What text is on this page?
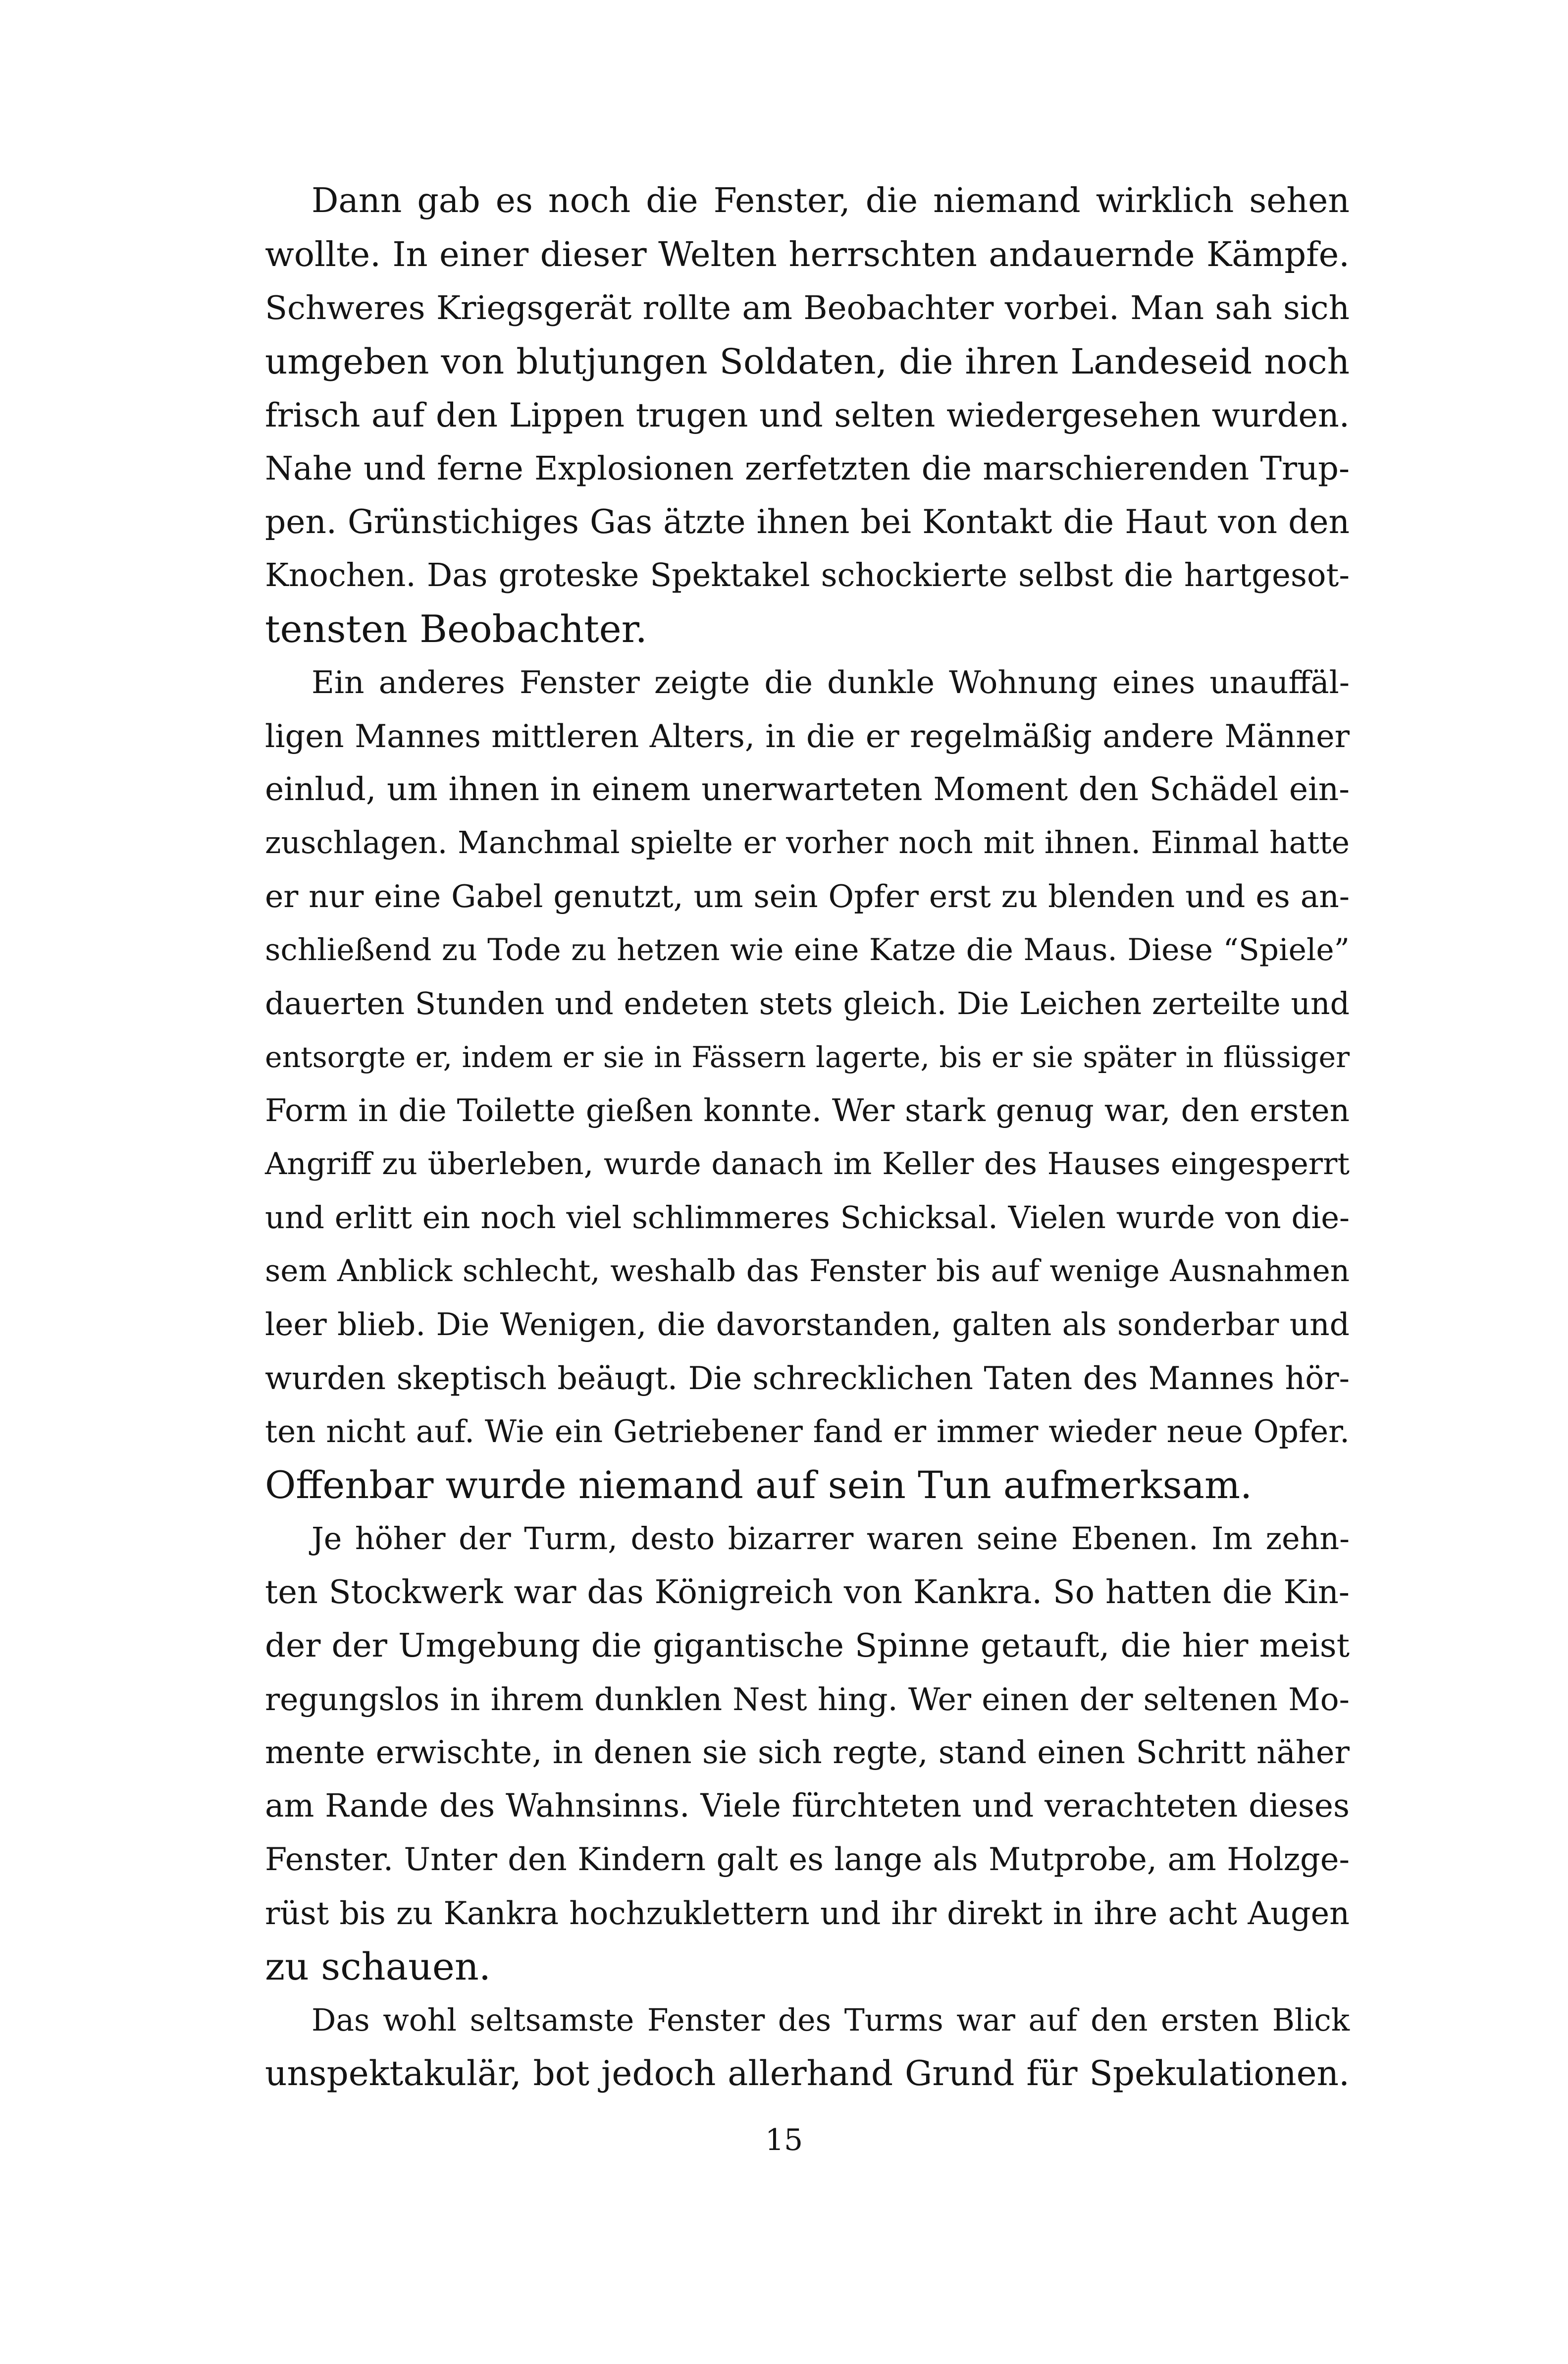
Dann gab es noch die Fenster, die niemand wirklich sehen
wollte. In einer dieser Welten herrschten andauernde Kämpfe.
Schweres Kriegsgerät rollte am Beobachter vorbei. Man sah sich
umgeben von blutjungen Soldaten, die ihren Landeseid noch
frisch auf den Lippen trugen und selten wiedergesehen wurden.
Nahe und ferne Explosionen zerfetzten die marschierenden Trup-
pen. Grünstichiges Gas ätzte ihnen bei Kontakt die Haut von den
Knochen. Das groteske Spektakel schockierte selbst die hartgesot-
tensten Beobachter.
Ein anderes Fenster zeigte die dunkle Wohnung eines unauffäl-
ligen Mannes mittleren Alters, in die er regelmäßig andere Männer
einlud, um ihnen in einem unerwarteten Moment den Schädel ein-
zuschlagen. Manchmal spielte er vorher noch mit ihnen. Einmal hatte
er nur eine Gabel genutzt, um sein Opfer erst zu blenden und es an-
schließend zu Tode zu hetzen wie eine Katze die Maus. Diese “Spiele”
dauerten Stunden und endeten stets gleich. Die Leichen zerteilte und
entsorgte er, indem er sie in Fässern lagerte, bis er sie später in flüssiger
Form in die Toilette gießen konnte. Wer stark genug war, den ersten
Angriff zu überleben, wurde danach im Keller des Hauses eingesperrt
und erlitt ein noch viel schlimmeres Schicksal. Vielen wurde von die-
sem Anblick schlecht, weshalb das Fenster bis auf wenige Ausnahmen
leer blieb. Die Wenigen, die davorstanden, galten als sonderbar und
wurden skeptisch beäugt. Die schrecklichen Taten des Mannes hör-
ten nicht auf. Wie ein Getriebener fand er immer wieder neue Opfer.
Offenbar wurde niemand auf sein Tun aufmerksam.
Je höher der Turm, desto bizarrer waren seine Ebenen. Im zehn-
ten Stockwerk war das Königreich von Kankra. So hatten die Kin-
der der Umgebung die gigantische Spinne getauft, die hier meist
regungslos in ihrem dunklen Nest hing. Wer einen der seltenen Mo-
mente erwischte, in denen sie sich regte, stand einen Schritt näher
am Rande des Wahnsinns. Viele fürchteten und verachteten dieses
Fenster. Unter den Kindern galt es lange als Mutprobe, am Holzge-
rüst bis zu Kankra hochzuklettern und ihr direkt in ihre acht Augen
zu schauen.
Das wohl seltsamste Fenster des Turms war auf den ersten Blick
unspektakulär, bot jedoch allerhand Grund für Spekulationen.
15
